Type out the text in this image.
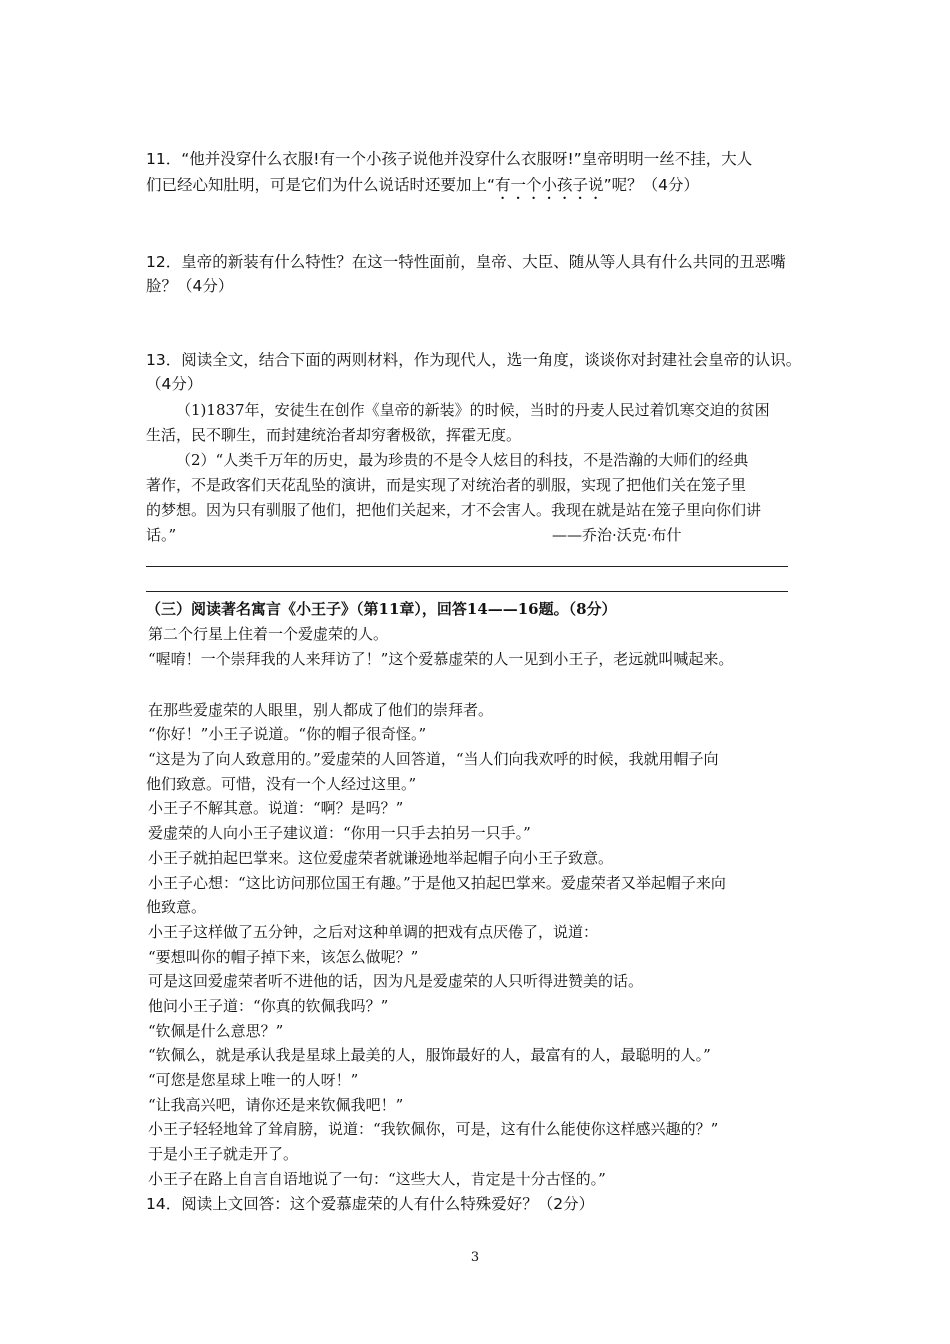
11．“他并没穿什么衣服!有一个小孩子说他并没穿什么衣服呀!”皇帝明明一丝不挂，大人
们已经心知肚明，可是它们为什么说话时还要加上“有一个小孩子说”呢？（4分）
12．皇帝的新装有什么特性？在这一特性面前，皇帝、大臣、随从等人具有什么共同的丑恶嘴
脸？（4分）
13．阅读全文，结合下面的两则材料，作为现代人，选一角度，谈谈你对封建社会皇帝的认识。
（4分）
（1)1837年，安徒生在创作《皇帝的新装》的时候，当时的丹麦人民过着饥寒交迫的贫困
生活，民不聊生，而封建统治者却穷奢极欲，挥霍无度。
（2）“人类千万年的历史，最为珍贵的不是令人炫目的科技，不是浩瀚的大师们的经典
著作，不是政客们天花乱坠的演讲，而是实现了对统治者的驯服，实现了把他们关在笼子里
的梦想。因为只有驯服了他们，把他们关起来，才不会害人。我现在就是站在笼子里向你们讲
话。”	——乔治·沃克·布什
（三）阅读著名寓言《小王子》（第11章），回答14——16题。（8分）
第二个行星上住着一个爱虚荣的人。
“喔唷！一个崇拜我的人来拜访了！”这个爱慕虚荣的人一见到小王子，老远就叫喊起来。
在那些爱虚荣的人眼里，别人都成了他们的崇拜者。
“你好！”小王子说道。“你的帽子很奇怪。”
“这是为了向人致意用的。”爱虚荣的人回答道，“当人们向我欢呼的时候，我就用帽子向
他们致意。可惜，没有一个人经过这里。”
小王子不解其意。说道：“啊？是吗？”
爱虚荣的人向小王子建议道：“你用一只手去拍另一只手。”
小王子就拍起巴掌来。这位爱虚荣者就谦逊地举起帽子向小王子致意。
小王子心想：“这比访问那位国王有趣。”于是他又拍起巴掌来。爱虚荣者又举起帽子来向
他致意。
小王子这样做了五分钟，之后对这种单调的把戏有点厌倦了，说道：
“要想叫你的帽子掉下来，该怎么做呢？”
可是这回爱虚荣者听不进他的话，因为凡是爱虚荣的人只听得进赞美的话。
他问小王子道：“你真的钦佩我吗？”
“钦佩是什么意思？”
“钦佩么，就是承认我是星球上最美的人，服饰最好的人，最富有的人，最聪明的人。”
“可您是您星球上唯一的人呀！”
“让我高兴吧，请你还是来钦佩我吧！”
小王子轻轻地耸了耸肩膀，说道：“我钦佩你，可是，这有什么能使你这样感兴趣的？”
于是小王子就走开了。
小王子在路上自言自语地说了一句：“这些大人，肯定是十分古怪的。”
14．阅读上文回答：这个爱慕虚荣的人有什么特殊爱好？（2分）
3
